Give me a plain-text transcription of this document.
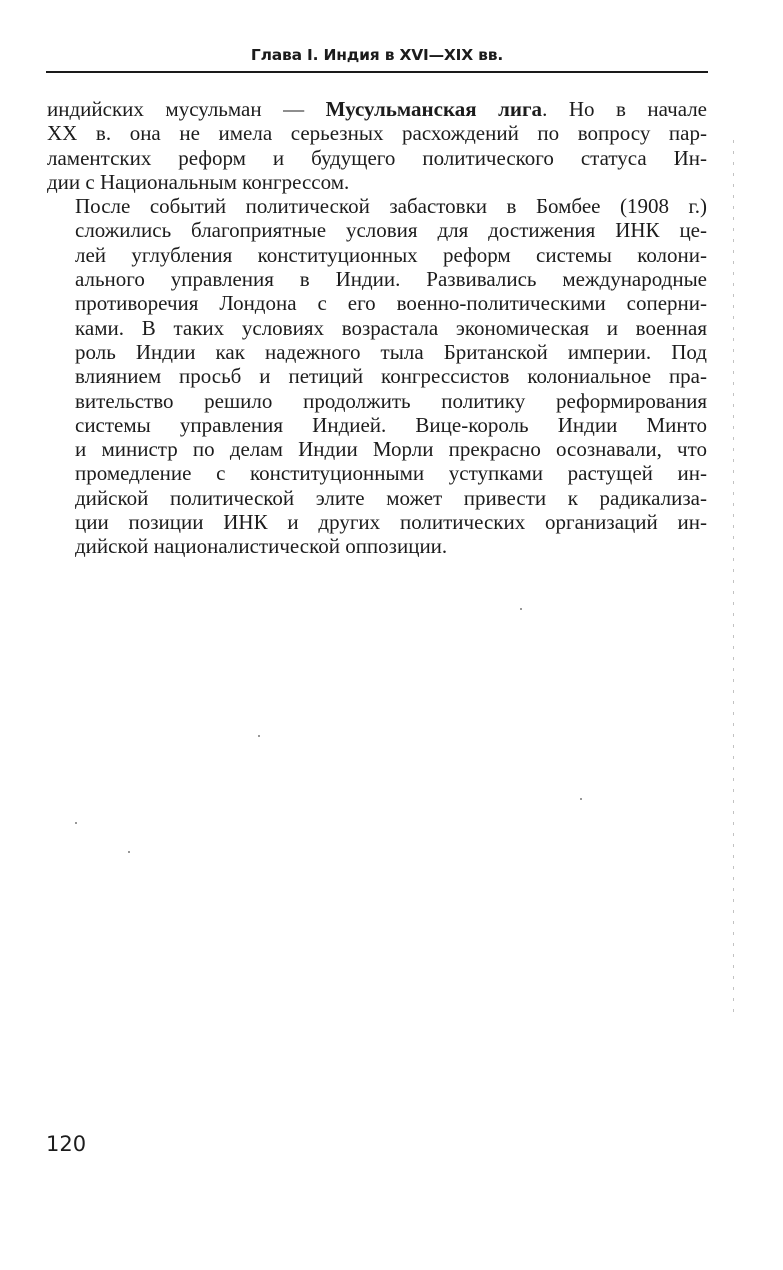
Глава I. Индия в XVI—XIX вв.

индийских мусульман — Мусульманская лига. Но в начале
XX в. она не имела серьезных расхождений по вопросу пар-
ламентских реформ и будущего политического статуса Ин-
дии с Национальным конгрессом.

После событий политической забастовки в Бомбее (1908 г.)
сложились благоприятные условия для достижения ИНК це-
лей углубления конституционных реформ системы колони-
ального управления в Индии. Развивались международные
противоречия Лондона с его военно-политическими соперни-
ками. В таких условиях возрастала экономическая и военная
роль Индии как надежного тыла Британской империи. Под
влиянием просьб и петиций конгрессистов колониальное пра-
вительство решило продолжить политику реформирования
системы управления Индией. Вице-король Индии Минто
и министр по делам Индии Морли прекрасно осознавали, что
промедление с конституционными уступками растущей ин-
дийской политической элите может привести к радикализа-
ции позиции ИНК и других политических организаций ин-
дийской националистической оппозиции.

120
